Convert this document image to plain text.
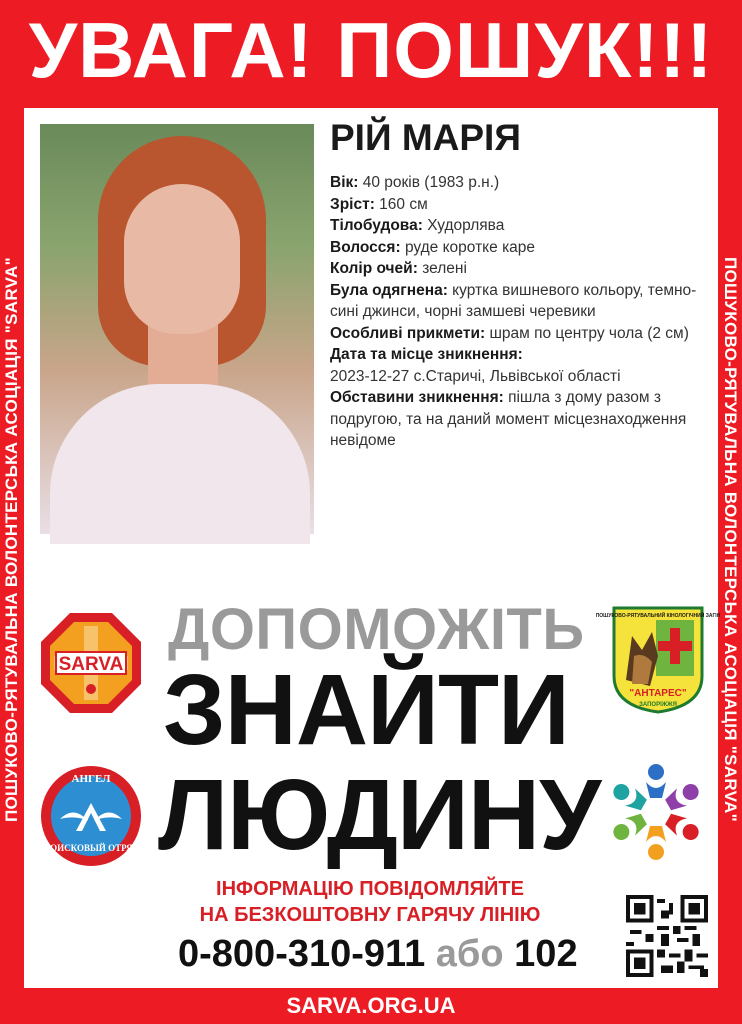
УВАГА! ПОШУК!!!
ПОШУКОВО-РЯТУВАЛЬНА ВОЛОНТЕРСЬКА АСОЦІАЦІЯ "SARVA"	ПОШУКОВО-РЯТУВАЛЬНА ВОЛОНТЕРСЬКА АСОЦІАЦІЯ "SARVA"
РІЙ МАРІЯ

Вік: 40 років (1983 р.н.)

Зріст: 160 см

Тілобудова: Худорлява

Волосся: руде коротке каре

Колір очей: зелені

Була одягнена: куртка вишневого кольору, темно-сині джинси, чорні замшеві черевики

Особливі прикмети: шрам по центру чола (2 см)

Дата та місце зникнення:
2023-12-27 с.Старичі, Львівської області

Обставини зникнення: пішла з дому разом з подругою, та на даний момент місцезнаходження невідоме

SARVA
ПОШУКОВО-РЯТУВАЛЬНИЙ КІНОЛОГІЧНИЙ ЗАГІН
"АНТАРЕС"
ЗАПОРІЖЖЯ
АНГЕЛ
ПОИСКОВЫЙ ОТРЯД
ДОПОМОЖІТЬ
ЗНАЙТИ
ЛЮДИНУ
ІНФОРМАЦІЮ ПОВІДОМЛЯЙТЕ
НА БЕЗКОШТОВНУ ГАРЯЧУ ЛІНІЮ
0-800-310-911 або 102
SARVA.ORG.UA
